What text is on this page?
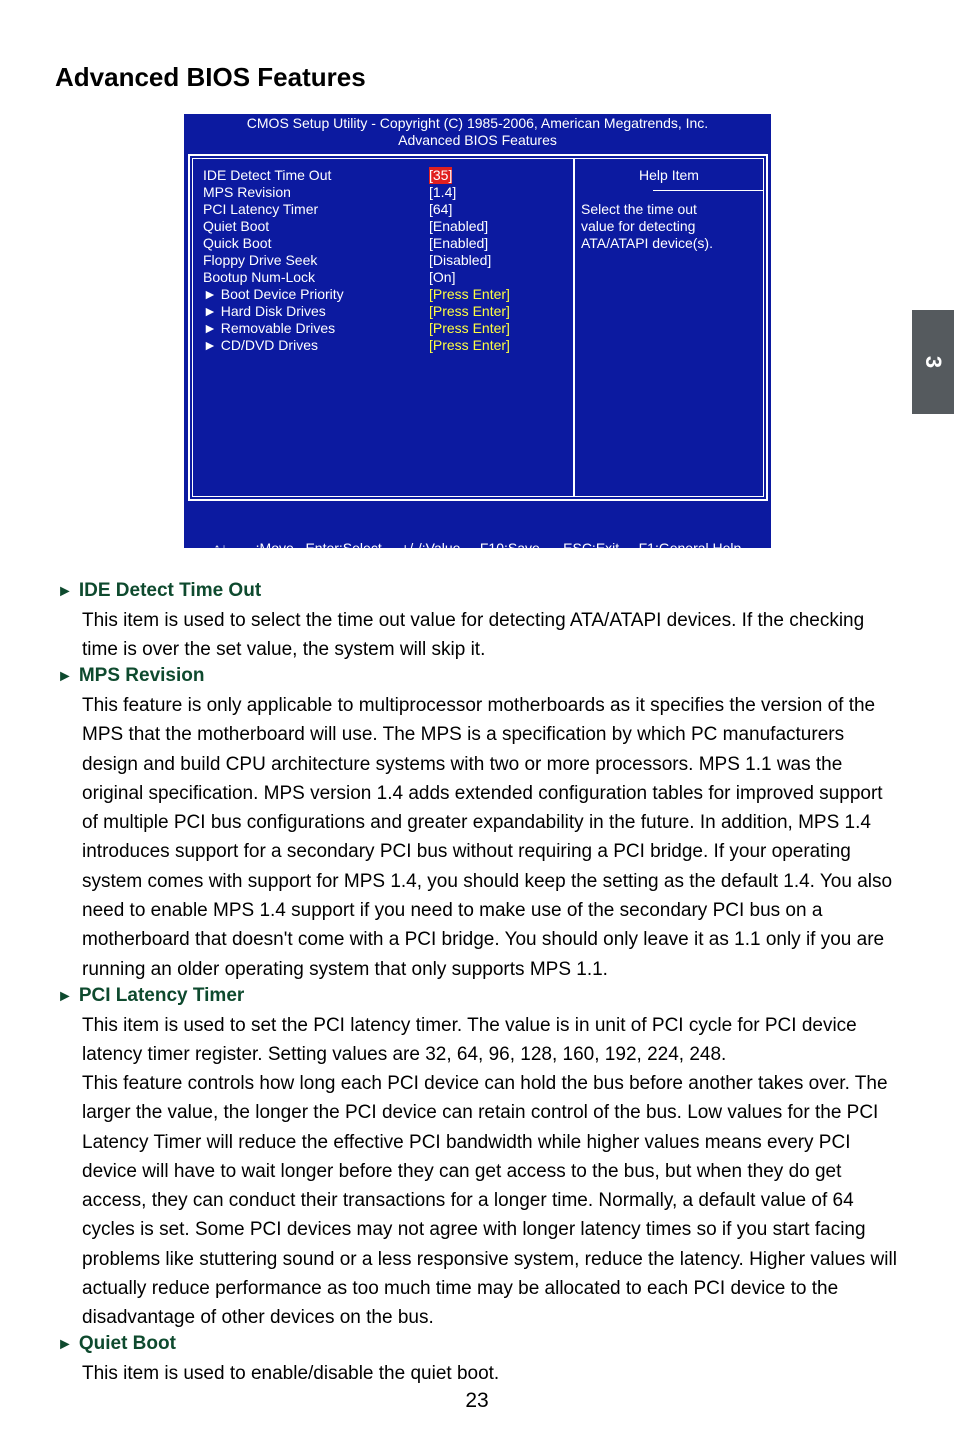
Advanced BIOS Features
3
CMOS Setup Utility - Copyright (C) 1985-2006, American Megatrends, Inc.
Advanced BIOS Features
IDE Detect Time Out	[35]
MPS Revision	[1.4]
PCI Latency Timer	[64]
Quiet Boot	[Enabled]
Quick Boot	[Enabled]
Floppy Drive Seek	[Disabled]
Bootup Num-Lock	[On]
► Boot Device Priority	[Press Enter]
► Hard Disk Drives	[Press Enter]
► Removable Drives	[Press Enter]
► CD/DVD Drives	[Press Enter]
Help Item
Select the time out
value for detecting
ATA/ATAPI device(s).

↑↓←→:Move   Enter:Select     +/-/:Value     F10:Save      ESC:Exit     F1:General Help

F9:Optimized Defaults

► IDE Detect Time Out

This item is used to select the time out value for detecting ATA/ATAPI devices. If the checking time is over the set value, the system will skip it.

► MPS Revision

This feature is only applicable to multiprocessor motherboards as it specifies the version of the MPS that the motherboard will use. The MPS is a specification by which PC manufacturers design and build CPU architecture systems with two or more processors. MPS 1.1 was the original specification. MPS version 1.4 adds extended configuration tables for improved support of multiple PCI bus configurations and greater expandability in the future. In addition, MPS 1.4 introduces support for a secondary PCI bus without requiring a PCI bridge. If your operating system comes with support for MPS 1.4, you should keep the setting as the default 1.4. You also need to enable MPS 1.4 support if you need to make use of the secondary PCI bus on a motherboard that doesn't come with a PCI bridge. You should only leave it as 1.1 only if you are running an older operating system that only supports MPS 1.1.

► PCI Latency Timer

This item is used to set the PCI latency timer. The value is in unit of PCI cycle for PCI device latency timer register. Setting values are 32, 64, 96, 128, 160, 192, 224, 248.

This feature controls how long each PCI device can hold the bus before another takes over. The larger the value, the longer the PCI device can retain control of the bus. Low values for the PCI Latency Timer will reduce the effective PCI bandwidth while higher values means every PCI device will have to wait longer before they can get access to the bus, but when they do get access, they can conduct their transactions for a longer time. Normally, a default value of 64 cycles is set. Some PCI devices may not agree with longer latency times so if you start facing problems like stuttering sound or a less responsive system, reduce the latency. Higher values will actually reduce performance as too much time may be allocated to each PCI device to the disadvantage of other devices on the bus.

► Quiet Boot

This item is used to enable/disable the quiet boot.

23
